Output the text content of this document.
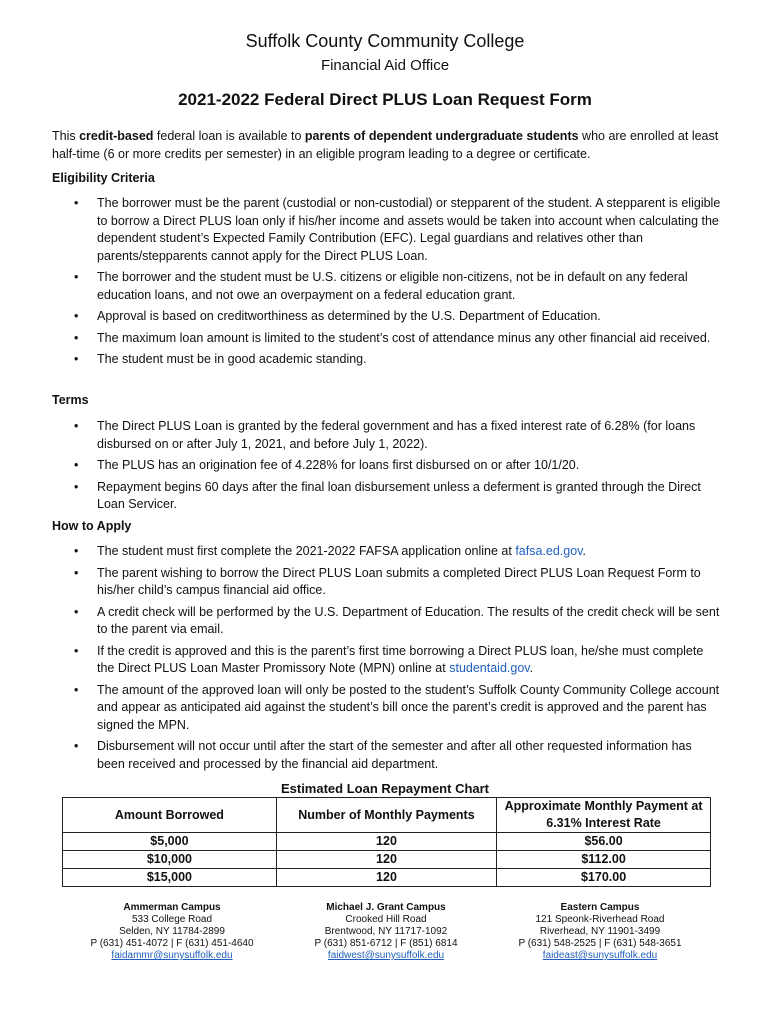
Suffolk County Community College
Financial Aid Office
2021-2022 Federal Direct PLUS Loan Request Form
This credit-based federal loan is available to parents of dependent undergraduate students who are enrolled at least half-time (6 or more credits per semester) in an eligible program leading to a degree or certificate.
Eligibility Criteria
• The borrower must be the parent (custodial or non-custodial) or stepparent of the student. A stepparent is eligible to borrow a Direct PLUS loan only if his/her income and assets would be taken into account when calculating the dependent student’s Expected Family Contribution (EFC). Legal guardians and relatives other than parents/stepparents cannot apply for the Direct PLUS Loan.
• The borrower and the student must be U.S. citizens or eligible non-citizens, not be in default on any federal education loans, and not owe an overpayment on a federal education grant.
• Approval is based on creditworthiness as determined by the U.S. Department of Education.
• The maximum loan amount is limited to the student’s cost of attendance minus any other financial aid received.
• The student must be in good academic standing.
Terms
• The Direct PLUS Loan is granted by the federal government and has a fixed interest rate of 6.28% (for loans disbursed on or after July 1, 2021, and before July 1, 2022).
• The PLUS has an origination fee of 4.228% for loans first disbursed on or after 10/1/20.
• Repayment begins 60 days after the final loan disbursement unless a deferment is granted through the Direct Loan Servicer.
How to Apply
• The student must first complete the 2021-2022 FAFSA application online at fafsa.ed.gov.
• The parent wishing to borrow the Direct PLUS Loan submits a completed Direct PLUS Loan Request Form to his/her child’s campus financial aid office.
• A credit check will be performed by the U.S. Department of Education. The results of the credit check will be sent to the parent via email.
• If the credit is approved and this is the parent’s first time borrowing a Direct PLUS loan, he/she must complete the Direct PLUS Loan Master Promissory Note (MPN) online at studentaid.gov.
• The amount of the approved loan will only be posted to the student’s Suffolk County Community College account and appear as anticipated aid against the student’s bill once the parent’s credit is approved and the parent has signed the MPN.
• Disbursement will not occur until after the start of the semester and after all other requested information has been received and processed by the financial aid department.
Estimated Loan Repayment Chart
Amount Borrowed	Number of Monthly Payments	Approximate Monthly Payment at
6.31% Interest Rate
$5,000	120	$56.00
$10,000	120	$112.00
$15,000	120	$170.00
Ammerman Campus
533 College Road
Selden, NY 11784-2899
P (631) 451-4072 | F (631) 451-4640
faidammr@sunysuffolk.edu
Michael J. Grant Campus
Crooked Hill Road
Brentwood, NY 11717-1092
P (631) 851-6712 | F (851) 6814
faidwest@sunysuffolk.edu
Eastern Campus
121 Speonk-Riverhead Road
Riverhead, NY 11901-3499
P (631) 548-2525 | F (631) 548-3651
faideast@sunysuffolk.edu
